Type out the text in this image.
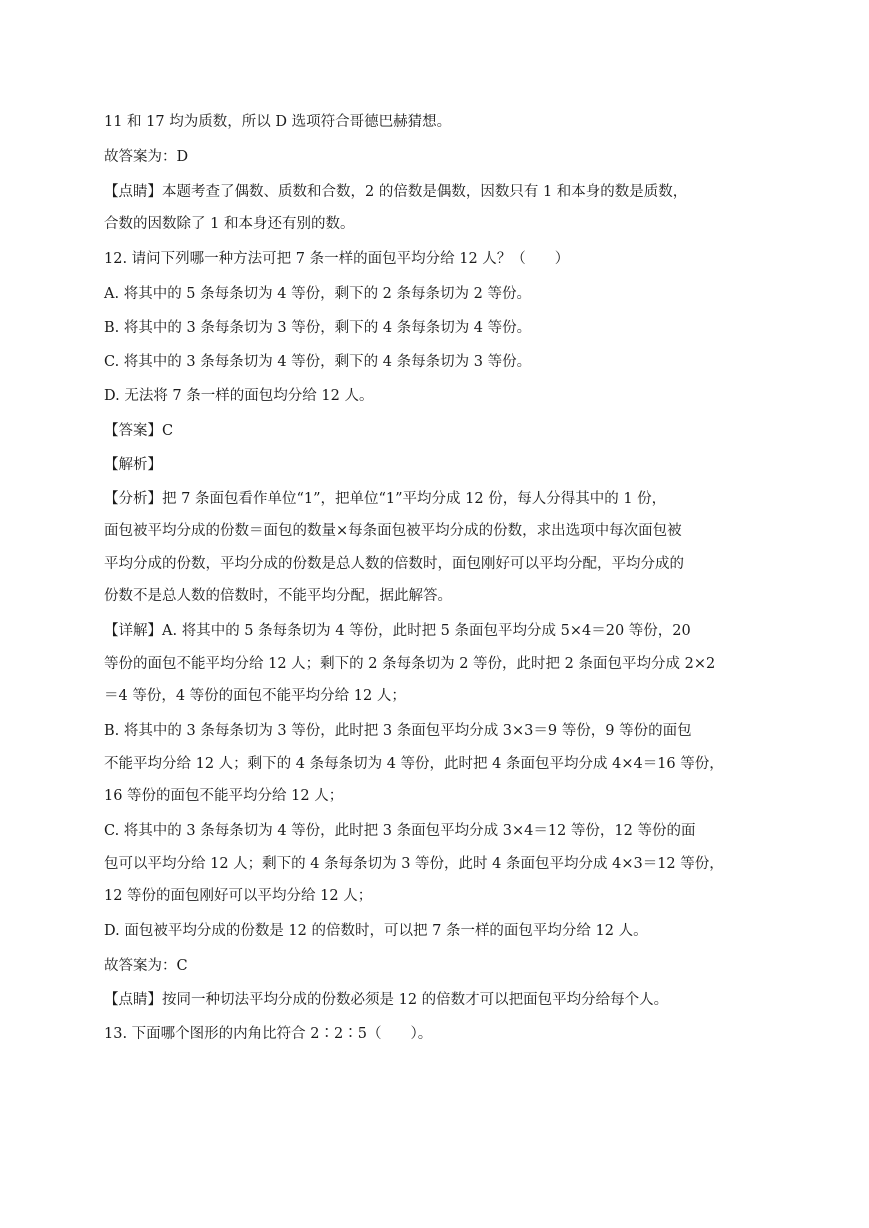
11 和 17 均为质数，所以 D 选项符合哥德巴赫猜想。
故答案为：D
【点睛】本题考查了偶数、质数和合数，2 的倍数是偶数，因数只有 1 和本身的数是质数，
合数的因数除了 1 和本身还有别的数。
12. 请问下列哪一种方法可把 7 条一样的面包平均分给 12 人？（　　）
A. 将其中的 5 条每条切为 4 等份，剩下的 2 条每条切为 2 等份。
B. 将其中的 3 条每条切为 3 等份，剩下的 4 条每条切为 4 等份。
C. 将其中的 3 条每条切为 4 等份，剩下的 4 条每条切为 3 等份。
D. 无法将 7 条一样的面包均分给 12 人。
【答案】C
【解析】
【分析】把 7 条面包看作单位“1”，把单位“1”平均分成 12 份，每人分得其中的 1 份，
面包被平均分成的份数＝面包的数量×每条面包被平均分成的份数，求出选项中每次面包被
平均分成的份数，平均分成的份数是总人数的倍数时，面包刚好可以平均分配，平均分成的
份数不是总人数的倍数时，不能平均分配，据此解答。
【详解】A. 将其中的 5 条每条切为 4 等份，此时把 5 条面包平均分成 5×4＝20 等份，20
等份的面包不能平均分给 12 人；剩下的 2 条每条切为 2 等份，此时把 2 条面包平均分成 2×2
＝4 等份，4 等份的面包不能平均分给 12 人；
B. 将其中的 3 条每条切为 3 等份，此时把 3 条面包平均分成 3×3＝9 等份，9 等份的面包
不能平均分给 12 人；剩下的 4 条每条切为 4 等份，此时把 4 条面包平均分成 4×4＝16 等份，
16 等份的面包不能平均分给 12 人；
C. 将其中的 3 条每条切为 4 等份，此时把 3 条面包平均分成 3×4＝12 等份，12 等份的面
包可以平均分给 12 人；剩下的 4 条每条切为 3 等份，此时 4 条面包平均分成 4×3＝12 等份，
12 等份的面包刚好可以平均分给 12 人；
D. 面包被平均分成的份数是 12 的倍数时，可以把 7 条一样的面包平均分给 12 人。
故答案为：C
【点睛】按同一种切法平均分成的份数必须是 12 的倍数才可以把面包平均分给每个人。
13. 下面哪个图形的内角比符合 2∶2∶5（　　）。
